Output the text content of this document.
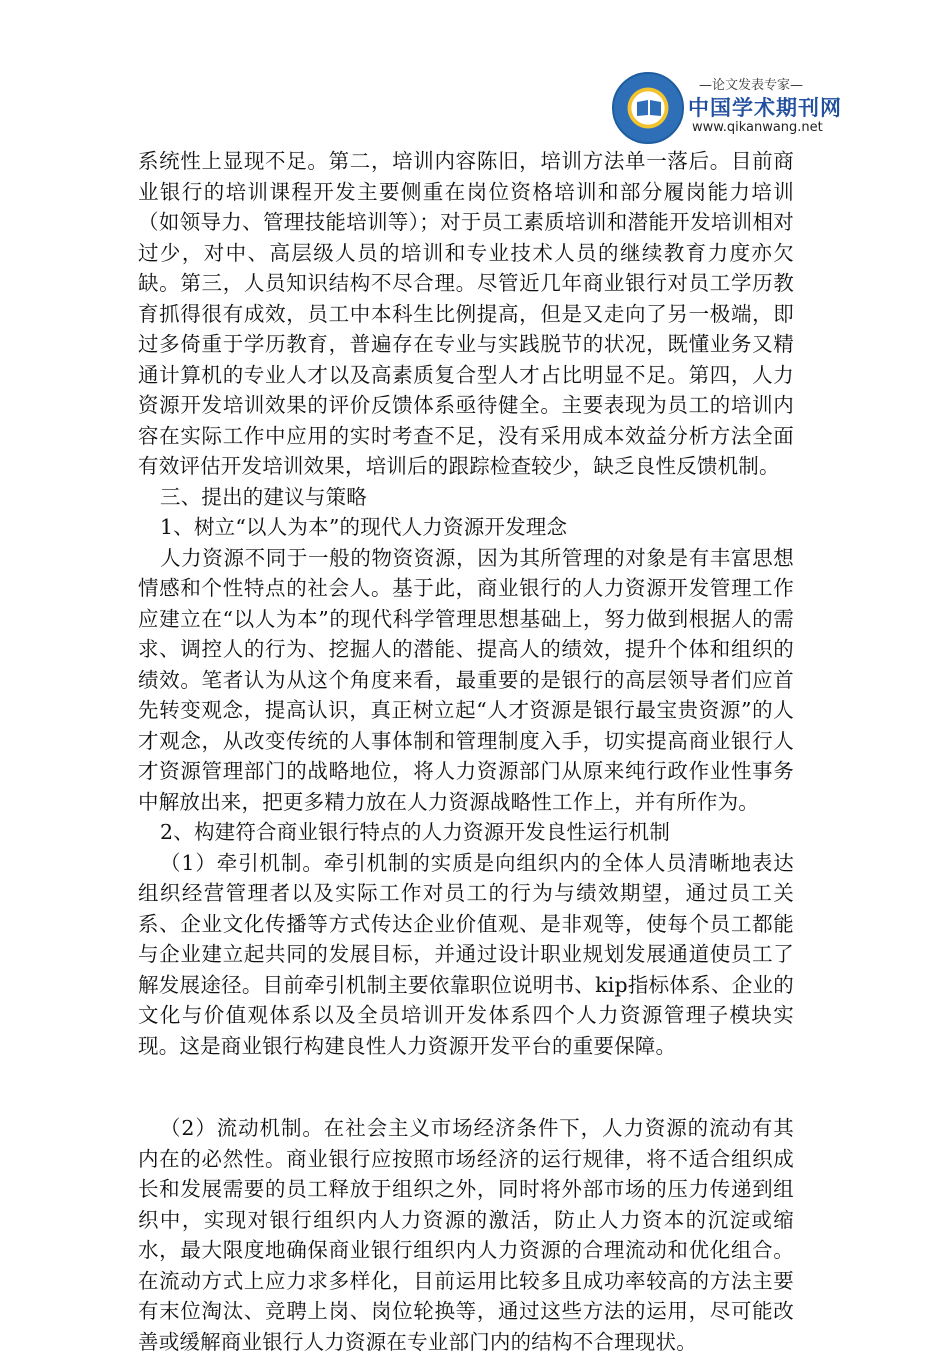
—论文发表专家—
中国学术期刊网
www.qikanwang.net

系统性上显现不足。第二，培训内容陈旧，培训方法单一落后。目前商业银行的培训课程开发主要侧重在岗位资格培训和部分履岗能力培训（如领导力、管理技能培训等）；对于员工素质培训和潜能开发培训相对过少，对中、高层级人员的培训和专业技术人员的继续教育力度亦欠缺。第三，人员知识结构不尽合理。尽管近几年商业银行对员工学历教育抓得很有成效，员工中本科生比例提高，但是又走向了另一极端，即过多倚重于学历教育，普遍存在专业与实践脱节的状况，既懂业务又精通计算机的专业人才以及高素质复合型人才占比明显不足。第四，人力资源开发培训效果的评价反馈体系亟待健全。主要表现为员工的培训内容在实际工作中应用的实时考查不足，没有采用成本效益分析方法全面有效评估开发培训效果，培训后的跟踪检查较少，缺乏良性反馈机制。

三、提出的建议与策略

1、树立“以人为本”的现代人力资源开发理念

人力资源不同于一般的物资资源，因为其所管理的对象是有丰富思想情感和个性特点的社会人。基于此，商业银行的人力资源开发管理工作应建立在“以人为本”的现代科学管理思想基础上，努力做到根据人的需求、调控人的行为、挖掘人的潜能、提高人的绩效，提升个体和组织的绩效。笔者认为从这个角度来看，最重要的是银行的高层领导者们应首先转变观念，提高认识，真正树立起“人才资源是银行最宝贵资源”的人才观念，从改变传统的人事体制和管理制度入手，切实提高商业银行人才资源管理部门的战略地位，将人力资源部门从原来纯行政作业性事务中解放出来，把更多精力放在人力资源战略性工作上，并有所作为。

2、构建符合商业银行特点的人力资源开发良性运行机制

（1）牵引机制。牵引机制的实质是向组织内的全体人员清晰地表达组织经营管理者以及实际工作对员工的行为与绩效期望，通过员工关系、企业文化传播等方式传达企业价值观、是非观等，使每个员工都能与企业建立起共同的发展目标，并通过设计职业规划发展通道使员工了解发展途径。目前牵引机制主要依靠职位说明书、kip指标体系、企业的文化与价值观体系以及全员培训开发体系四个人力资源管理子模块实现。这是商业银行构建良性人力资源开发平台的重要保障。

（2）流动机制。在社会主义市场经济条件下，人力资源的流动有其内在的必然性。商业银行应按照市场经济的运行规律，将不适合组织成长和发展需要的员工释放于组织之外，同时将外部市场的压力传递到组织中，实现对银行组织内人力资源的激活，防止人力资本的沉淀或缩水，最大限度地确保商业银行组织内人力资源的合理流动和优化组合。在流动方式上应力求多样化，目前运用比较多且成功率较高的方法主要有末位淘汰、竞聘上岗、岗位轮换等，通过这些方法的运用，尽可能改善或缓解商业银行人力资源在专业部门内的结构不合理现状。
